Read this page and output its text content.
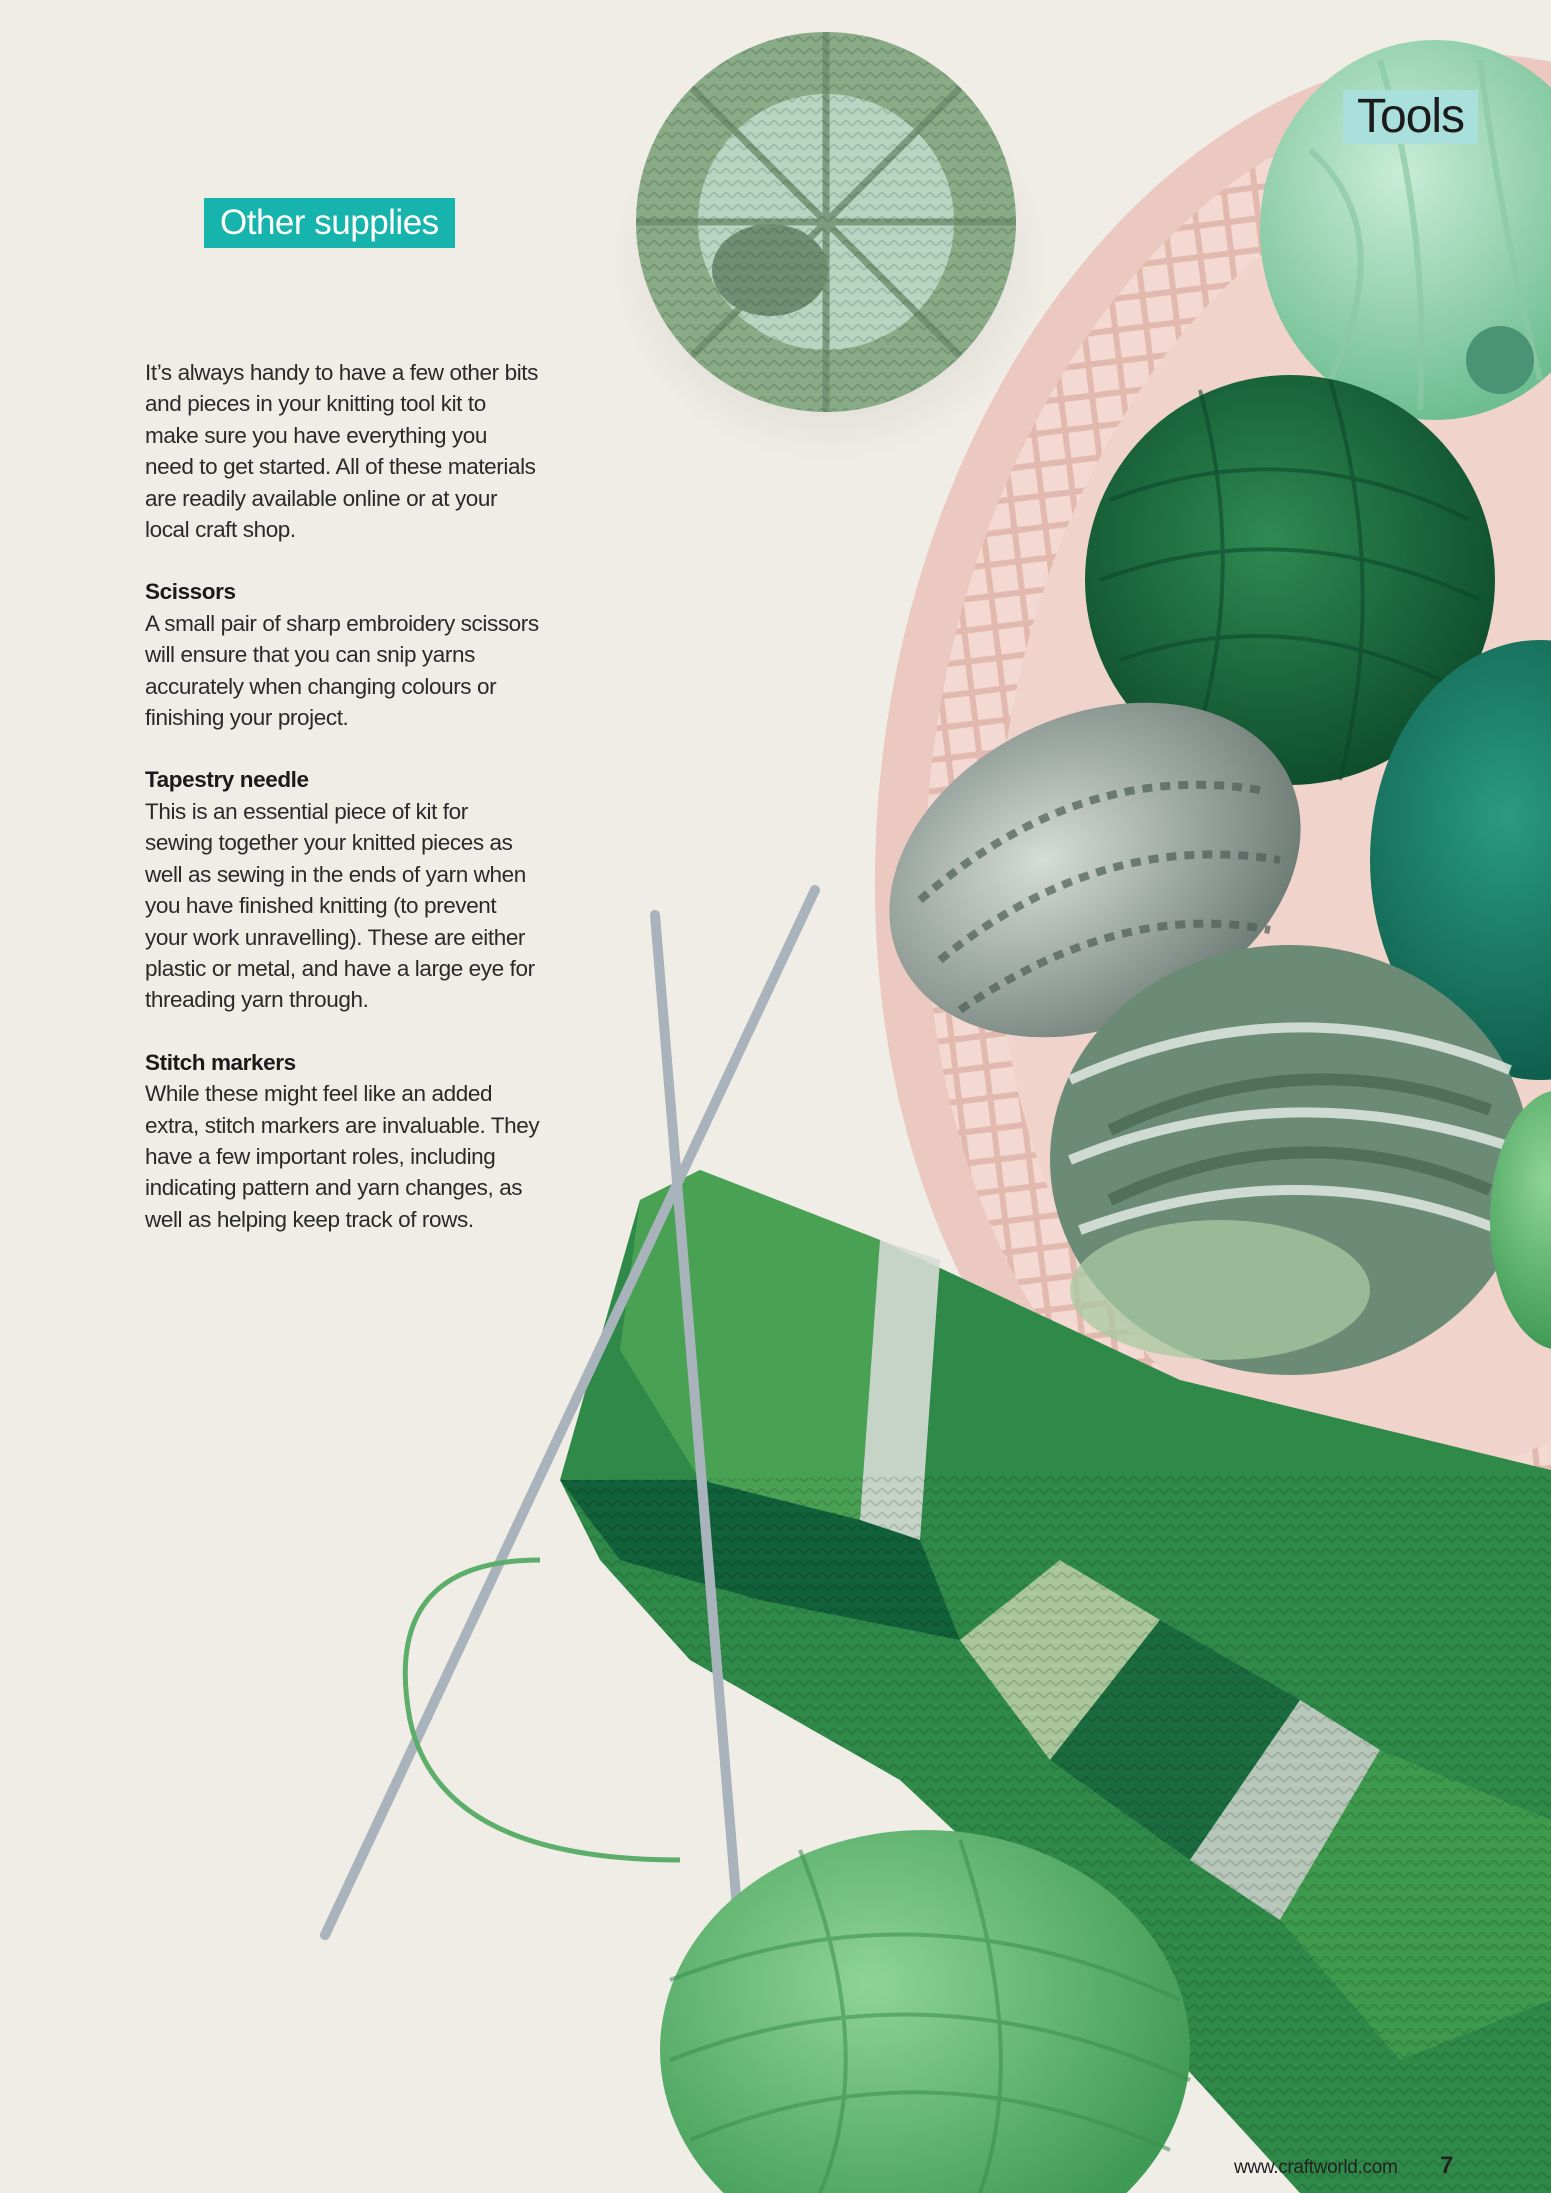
Tools
Other supplies

It’s always handy to have a few other bits and pieces in your knitting tool kit to make sure you have everything you need to get started. All of these materials are readily available online or at your local craft shop.

Scissors

A small pair of sharp embroidery scissors will ensure that you can snip yarns accurately when changing colours or finishing your project.

Tapestry needle

This is an essential piece of kit for sewing together your knitted pieces as well as sewing in the ends of yarn when you have finished knitting (to prevent your work unravelling). These are either plastic or metal, and have a large eye for threading yarn through.

Stitch markers

While these might feel like an added extra, stitch markers are invaluable. They have a few important roles, including indicating pattern and yarn changes, as well as helping keep track of rows.

www.craftworld.com 7
